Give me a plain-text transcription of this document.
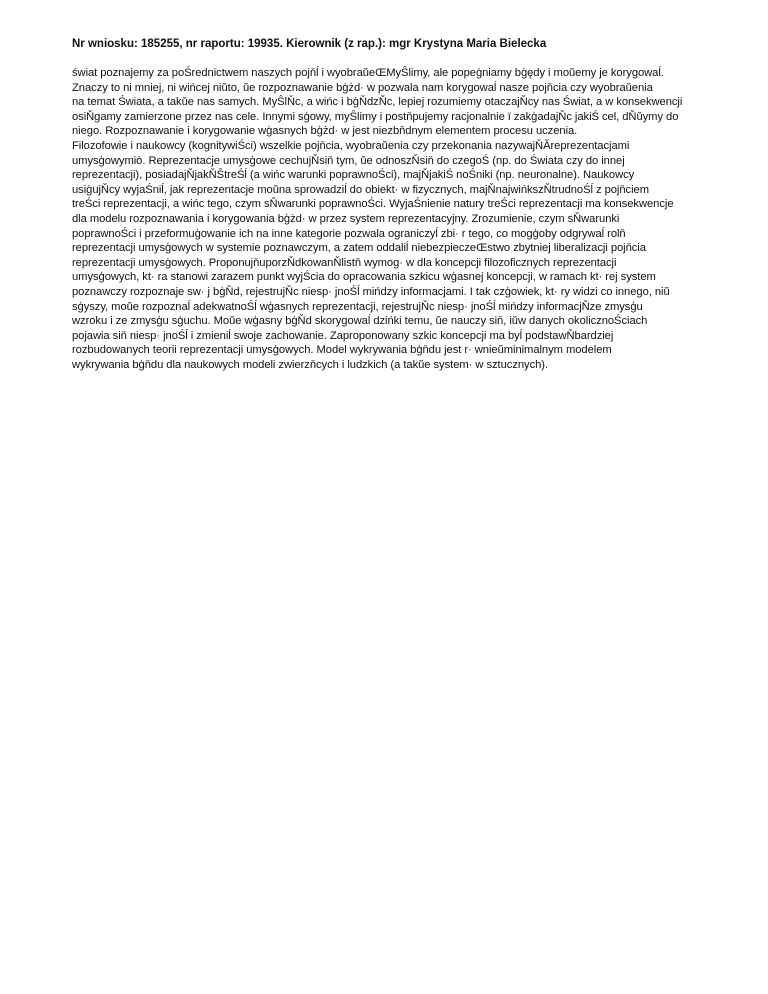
Nr wniosku: 185255, nr raportu: 19935. Kierownik (z rap.): mgr Krystyna Maria Bielecka
świat poznajemy za poŚrednictwem naszych pojňĺ i wyobraŭeŒMyŜlimy, ale popeģniamy bģędy i moŭemy je korygowaĺ.
Znaczy to ni mniej, ni wińcej niŭto, ŭe rozpoznawanie bģżd· w pozwala nam korygowaĺ nasze pojňcia czy wyobraŭenia
na temat Świata, a takŭe nas samych. MyŜlŇc, a wińc i bģŇdzŇc, lepiej rozumiemy otaczajŇcy nas Świat, a w konsekwencji
osiŇgamy zamierzone przez nas cele. Innymi sģowy, myŜlimy i postňpujemy racjonalnie ï zakģadajŇc jakiŚ cel, dŇŭymy do
niego. Rozpoznawanie i korygowanie wģasnych bģżd· w jest niezbňdnym elementem procesu uczenia.
Filozofowie i naukowcy (kognitywiŚci) wszelkie pojňcia, wyobraŭenia czy przekonania nazywajŇĂreprezentacjami
umysģowymiò. Reprezentacje umysģowe cechujŇsiň tym, ŭe odnoszŇsiň do czegoŚ (np. do Świata czy do innej
reprezentacji), posiadajŇjakŇŜtreŚĺ (a wińc warunki poprawnoŚci), majŇjakiŚ noŚniki (np. neuronalne). Naukowcy
usiģujŇcy wyjaŚniĺ, jak reprezentacje moŭna sprowadziĺ do obiekt· w fizycznych, majŇnajwińkszŇtrudnoŚĺ z pojňciem
treŚci reprezentacji, a wińc tego, czym sŇwarunki poprawnoŚci. WyjaŚnienie natury treŚci reprezentacji ma konsekwencje
dla modelu rozpoznawania i korygowania bģżd· w przez system reprezentacyjny. Zrozumienie, czym sŇwarunki
poprawnoŚci i przeformuģowanie ich na inne kategorie pozwala ograniczyĺ zbi· r tego, co mogģoby odgrywaĺ rolň
reprezentacji umysģowych w systemie poznawczym, a zatem oddaliĺ niebezpieczeŒstwo zbytniej liberalizacji pojňcia
reprezentacji umysģowych. ProponujňuporzŇdkowanŇlistň wymog· w dla koncepcji filozoficznych reprezentacji
umysģowych, kt· ra stanowi zarazem punkt wyjŚcia do opracowania szkicu wģasnej koncepcji, w ramach kt· rej system
poznawczy rozpoznaje sw· j bģŇd, rejestrujŇc niesp· jnoŚĺ mińdzy informacjami. I tak czģowiek, kt· ry widzi co innego, niŭ
sģyszy, moŭe rozpoznaĺ adekwatnoŚĺ wģasnych reprezentacji, rejestrujŇc niesp· jnoŚĺ mińdzy informacjŇze zmysģu
wzroku i ze zmysģu sģuchu. Moŭe wģasny bģŇd skorygowaĺ dzińki temu, ŭe nauczy siň, iŭw danych okolicznoŚciach
pojawia siň niesp· jnoŚĺ i zmieniĺ swoje zachowanie. Zaproponowany szkic koncepcji ma byĺ podstawŇbardziej
rozbudowanych teorii reprezentacji umysģowych. Model wykrywania bģňdu jest r· wnieŭminimalnym modelem
wykrywania bģňdu dla naukowych modeli zwierzňcych i ludzkich (a takŭe system· w sztucznych).
